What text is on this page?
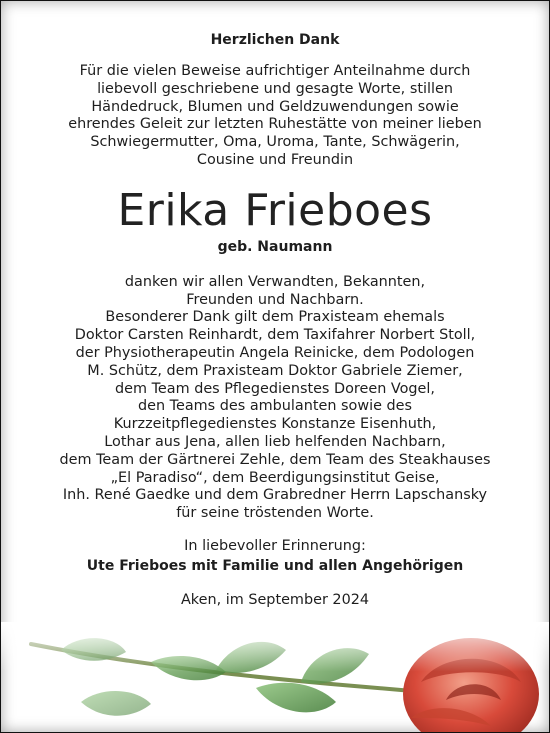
Herzlichen Dank

Für die vielen Beweise aufrichtiger Anteilnahme durch
liebevoll geschriebene und gesagte Worte, stillen
Händedruck, Blumen und Geldzuwendungen sowie
ehrendes Geleit zur letzten Ruhestätte von meiner lieben
Schwiegermutter, Oma, Uroma, Tante, Schwägerin,
Cousine und Freundin

Erika Frieboes
geb. Naumann

danken wir allen Verwandten, Bekannten,
Freunden und Nachbarn.
Besonderer Dank gilt dem Praxisteam ehemals
Doktor Carsten Reinhardt, dem Taxifahrer Norbert Stoll,
der Physiotherapeutin Angela Reinicke, dem Podologen
M. Schütz, dem Praxisteam Doktor Gabriele Ziemer,
dem Team des Pflegedienstes Doreen Vogel,
den Teams des ambulanten sowie des
Kurzzeitpflegedienstes Konstanze Eisenhuth,
Lothar aus Jena, allen lieb helfenden Nachbarn,
dem Team der Gärtnerei Zehle, dem Team des Steakhauses
„El Paradiso“, dem Beerdigungsinstitut Geise,
Inh. René Gaedke und dem Grabredner Herrn Lapschansky
für seine tröstenden Worte.

In liebevoller Erinnerung:
Ute Frieboes mit Familie und allen Angehörigen
Aken, im September 2024
